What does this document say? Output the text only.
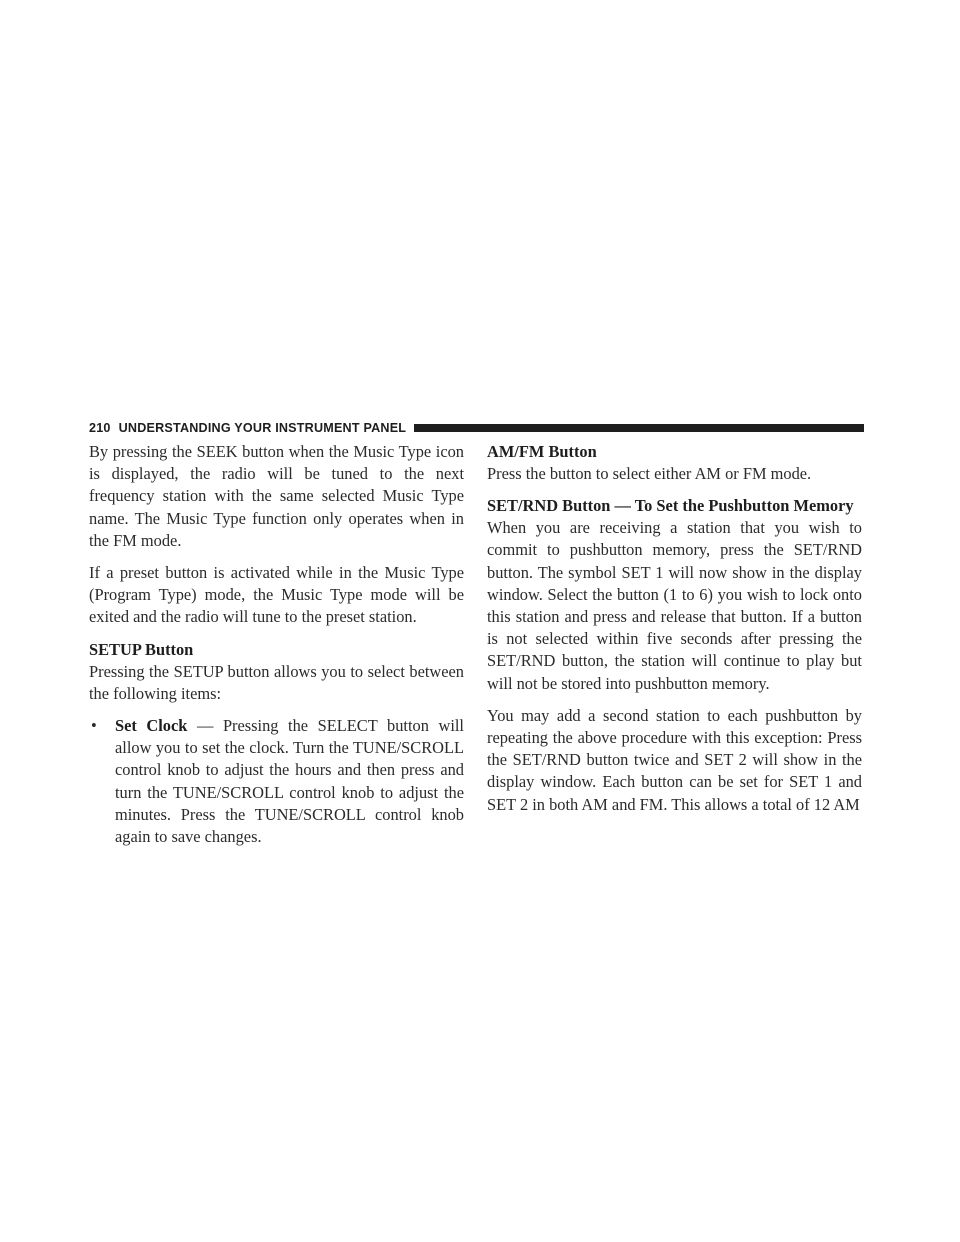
210 UNDERSTANDING YOUR INSTRUMENT PANEL

By pressing the SEEK button when the Music Type icon is displayed, the radio will be tuned to the next frequency station with the same selected Music Type name. The Music Type function only operates when in the FM mode.

If a preset button is activated while in the Music Type (Program Type) mode, the Music Type mode will be exited and the radio will tune to the preset station.

SETUP Button

Pressing the SETUP button allows you to select between the following items:

• Set Clock — Pressing the SELECT button will allow you to set the clock. Turn the TUNE/SCROLL control knob to adjust the hours and then press and turn the TUNE/SCROLL control knob to adjust the minutes. Press the TUNE/SCROLL control knob again to save changes.
AM/FM Button

Press the button to select either AM or FM mode.

SET/RND Button — To Set the Pushbutton Memory

When you are receiving a station that you wish to commit to pushbutton memory, press the SET/RND button. The symbol SET 1 will now show in the display window. Select the button (1 to 6) you wish to lock onto this station and press and release that button. If a button is not selected within five seconds after pressing the SET/RND button, the station will continue to play but will not be stored into pushbutton memory.

You may add a second station to each pushbutton by repeating the above procedure with this exception: Press the SET/RND button twice and SET 2 will show in the display window. Each button can be set for SET 1 and SET 2 in both AM and FM. This allows a total of 12 AM
